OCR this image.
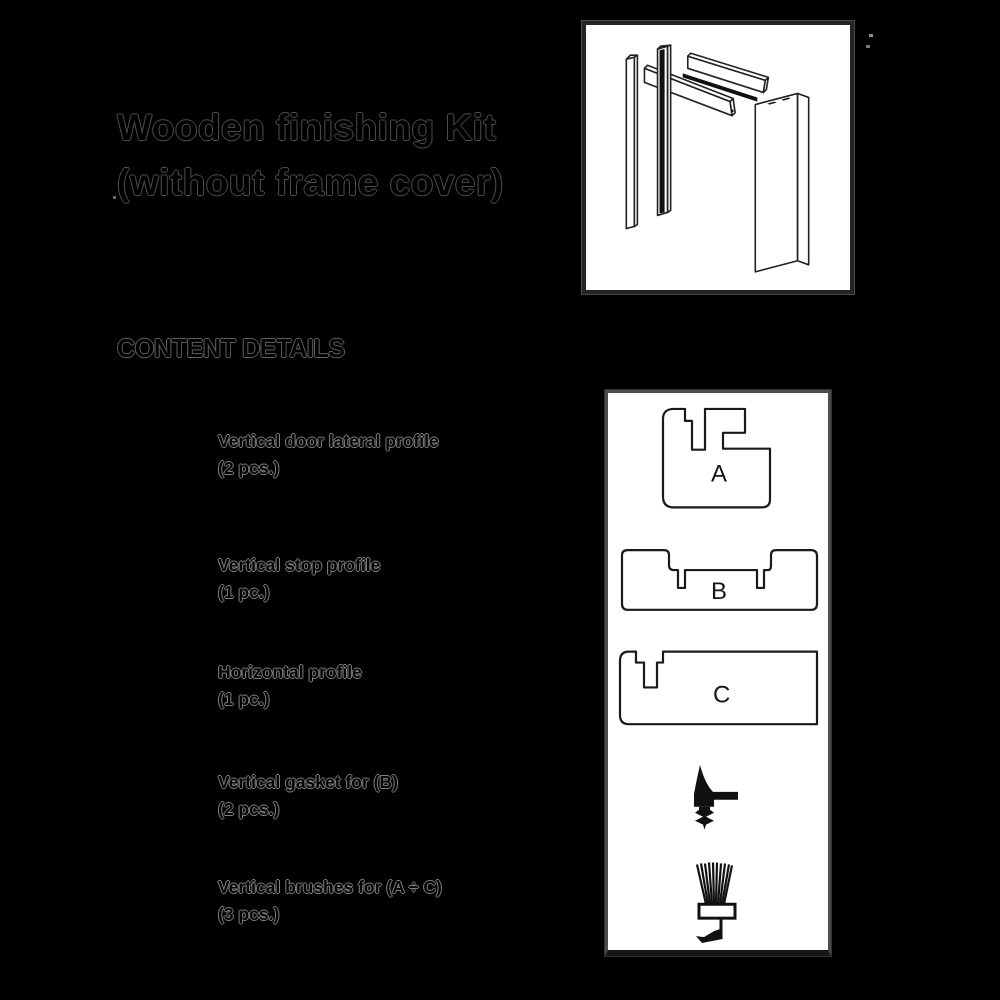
Wooden finishing Kit
(without frame cover)
CONTENT DETAILS
Vertical door lateral profile
(2 pcs.)
Vertical stop profile
(1 pc.)
Horizontal profile
(1 pc.)
Vertical gasket for (B)
(2 pcs.)
Vertical brushes for (A ÷ C)
(3 pcs.)
A
B
C
